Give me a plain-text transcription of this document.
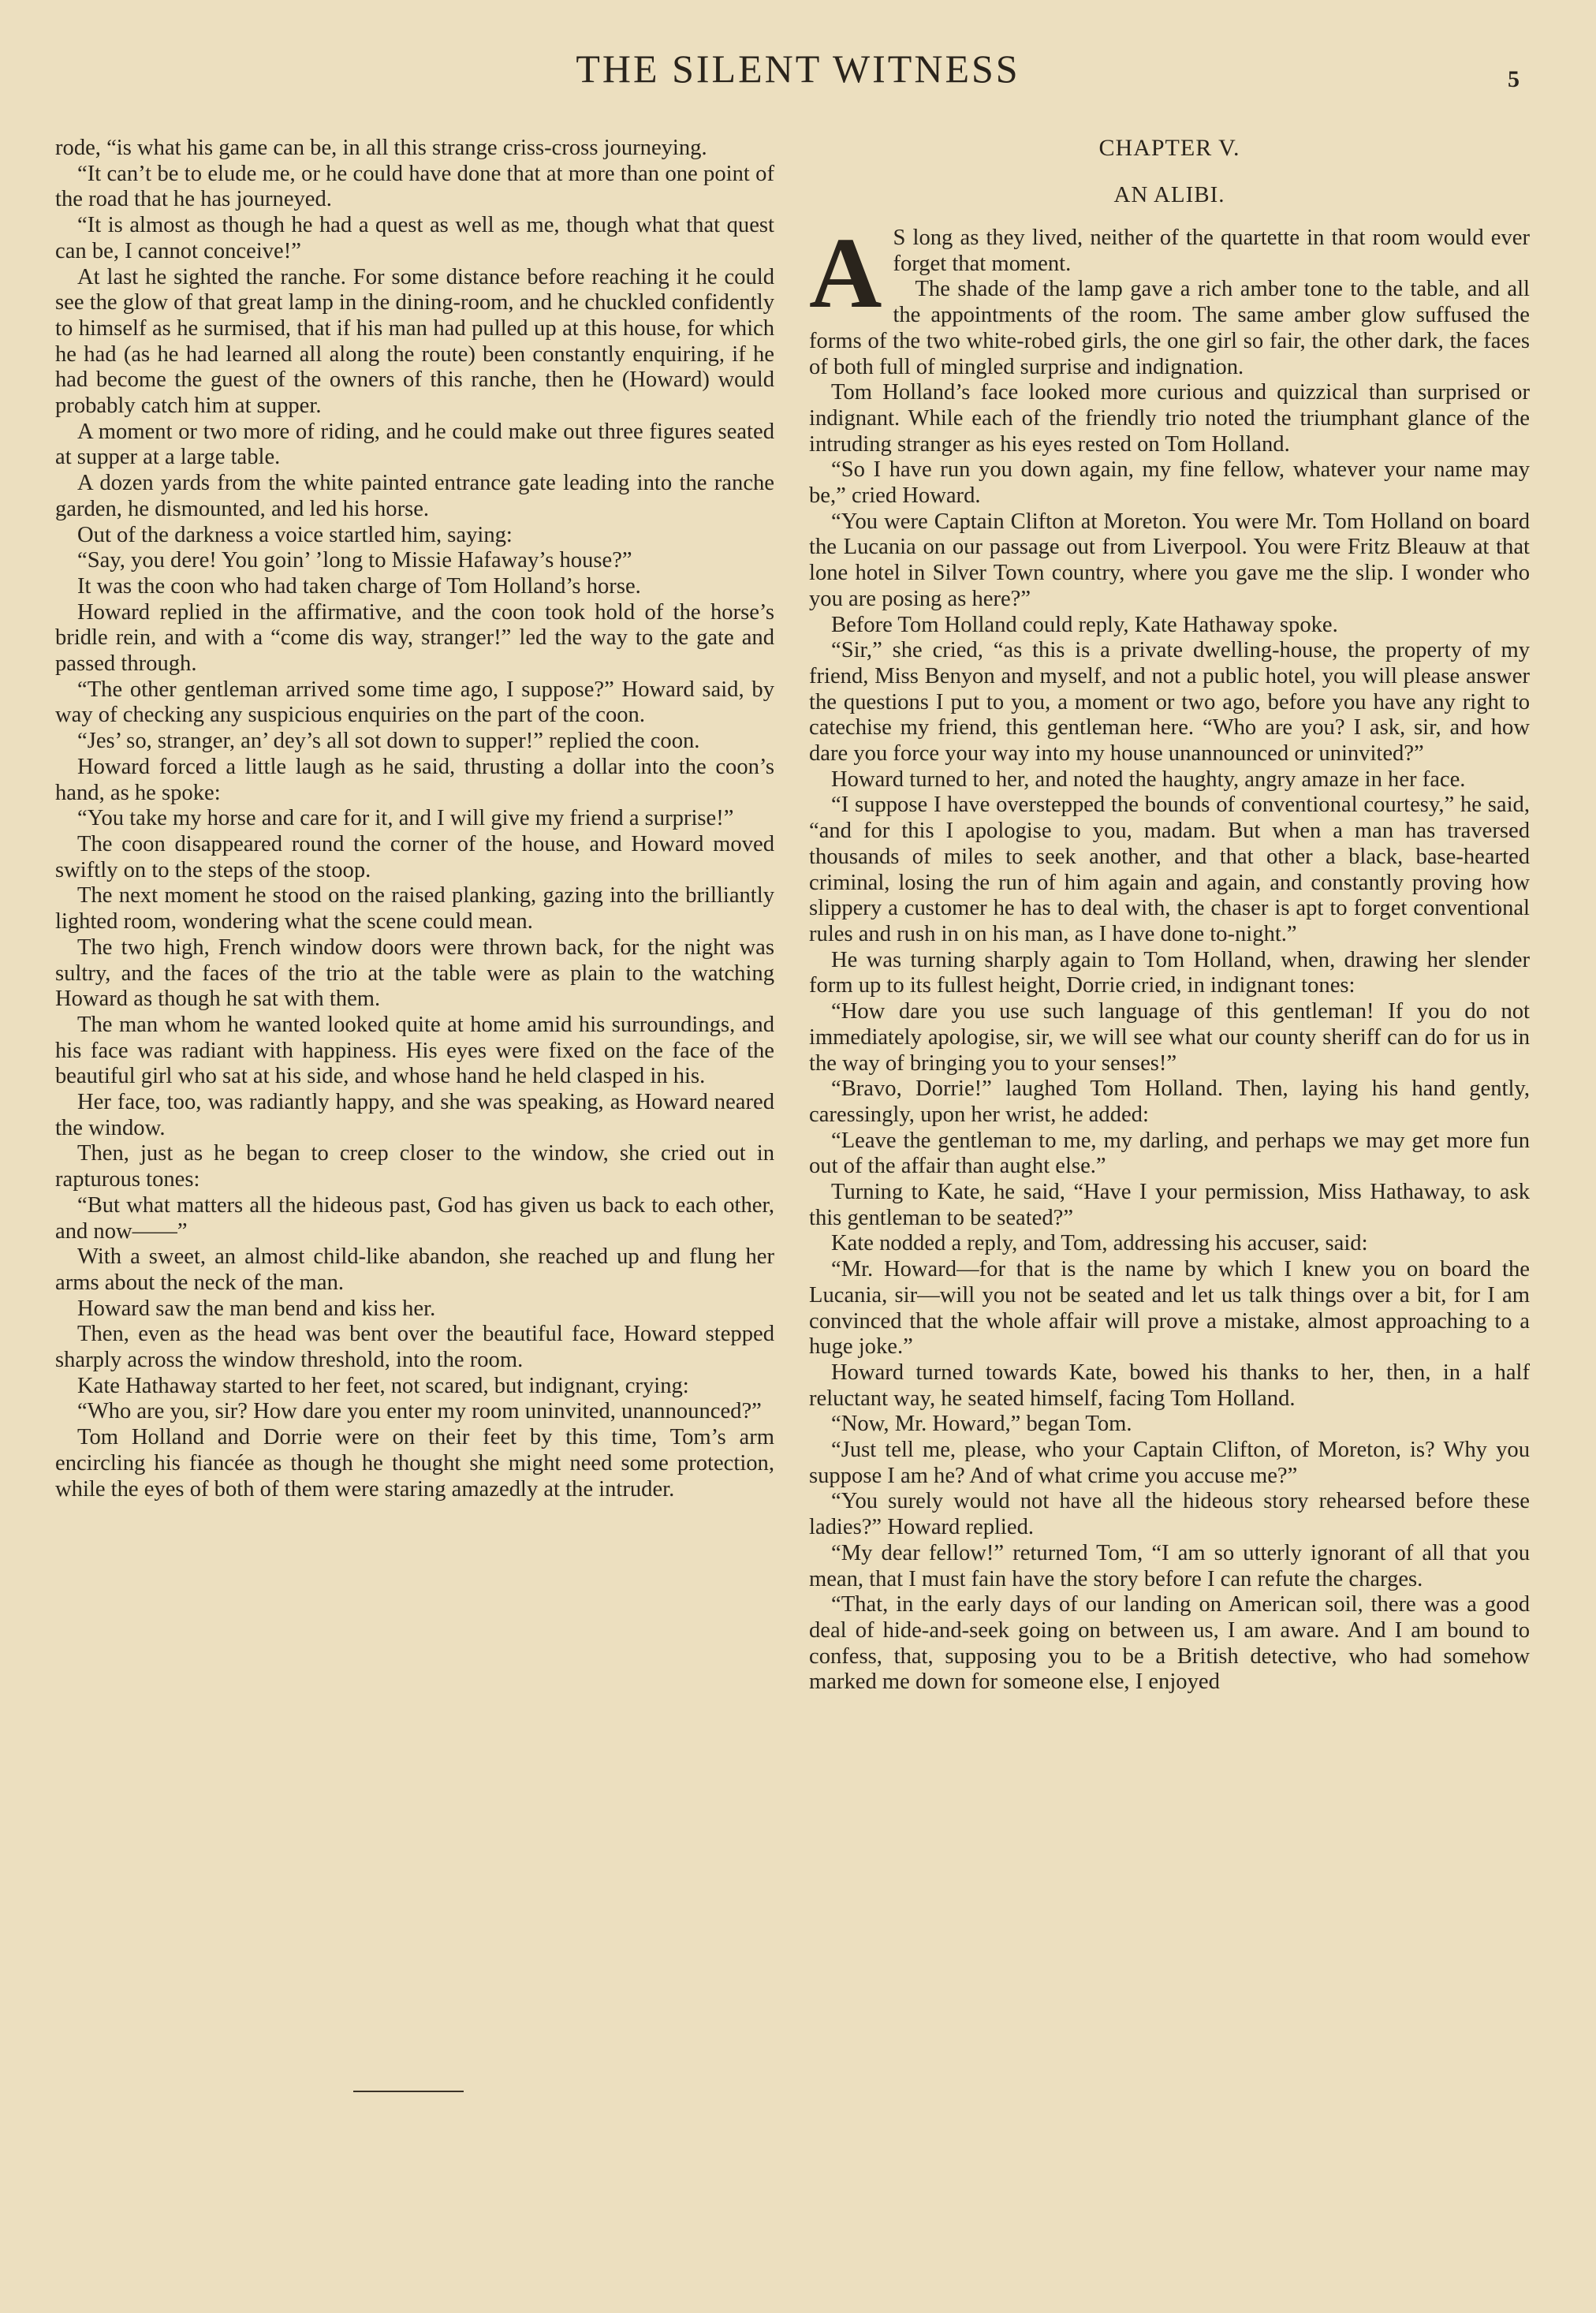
THE SILENT WITNESS	5

rode, “is what his game can be, in all this strange criss-cross journeying.

“It can’t be to elude me, or he could have done that at more than one point of the road that he has journeyed.

“It is almost as though he had a quest as well as me, though what that quest can be, I cannot conceive!”

At last he sighted the ranche. For some distance before reaching it he could see the glow of that great lamp in the dining-room, and he chuckled confidently to himself as he surmised, that if his man had pulled up at this house, for which he had (as he had learned all along the route) been constantly enquiring, if he had become the guest of the owners of this ranche, then he (Howard) would probably catch him at supper.

A moment or two more of riding, and he could make out three figures seated at supper at a large table.

A dozen yards from the white painted entrance gate leading into the ranche garden, he dismounted, and led his horse.

Out of the darkness a voice startled him, saying:

“Say, you dere! You goin’ ’long to Missie Hafaway’s house?”

It was the coon who had taken charge of Tom Holland’s horse.

Howard replied in the affirmative, and the coon took hold of the horse’s bridle rein, and with a “come dis way, stranger!” led the way to the gate and passed through.

“The other gentleman arrived some time ago, I suppose?” Howard said, by way of checking any suspicious enquiries on the part of the coon.

“Jes’ so, stranger, an’ dey’s all sot down to supper!” replied the coon.

Howard forced a little laugh as he said, thrusting a dollar into the coon’s hand, as he spoke:

“You take my horse and care for it, and I will give my friend a surprise!”

The coon disappeared round the corner of the house, and Howard moved swiftly on to the steps of the stoop.

The next moment he stood on the raised planking, gazing into the brilliantly lighted room, wondering what the scene could mean.

The two high, French window doors were thrown back, for the night was sultry, and the faces of the trio at the table were as plain to the watching Howard as though he sat with them.

The man whom he wanted looked quite at home amid his surroundings, and his face was radiant with happiness. His eyes were fixed on the face of the beautiful girl who sat at his side, and whose hand he held clasped in his.

Her face, too, was radiantly happy, and she was speaking, as Howard neared the window.

Then, just as he began to creep closer to the window, she cried out in rapturous tones:

“But what matters all the hideous past, God has given us back to each other, and now——”

With a sweet, an almost child-like abandon, she reached up and flung her arms about the neck of the man.

Howard saw the man bend and kiss her.

Then, even as the head was bent over the beautiful face, Howard stepped sharply across the window threshold, into the room.

Kate Hathaway started to her feet, not scared, but indignant, crying:

“Who are you, sir? How dare you enter my room uninvited, unannounced?”

Tom Holland and Dorrie were on their feet by this time, Tom’s arm encircling his fiancée as though he thought she might need some protection, while the eyes of both of them were staring amazedly at the intruder.

CHAPTER V.
AN ALIBI.

A S long as they lived, neither of the quartette in that room would ever forget that moment.

The shade of the lamp gave a rich amber tone to the table, and all the appointments of the room. The same amber glow suffused the forms of the two white-robed girls, the one girl so fair, the other dark, the faces of both full of mingled surprise and indignation.

Tom Holland’s face looked more curious and quizzical than surprised or indignant. While each of the friendly trio noted the triumphant glance of the intruding stranger as his eyes rested on Tom Holland.

“So I have run you down again, my fine fellow, whatever your name may be,” cried Howard.

“You were Captain Clifton at Moreton. You were Mr. Tom Holland on board the Lucania on our passage out from Liverpool. You were Fritz Bleauw at that lone hotel in Silver Town country, where you gave me the slip. I wonder who you are posing as here?”

Before Tom Holland could reply, Kate Hathaway spoke.

“Sir,” she cried, “as this is a private dwelling-house, the property of my friend, Miss Benyon and myself, and not a public hotel, you will please answer the questions I put to you, a moment or two ago, before you have any right to catechise my friend, this gentleman here. “Who are you? I ask, sir, and how dare you force your way into my house unannounced or uninvited?”

Howard turned to her, and noted the haughty, angry amaze in her face.

“I suppose I have overstepped the bounds of conventional courtesy,” he said, “and for this I apologise to you, madam. But when a man has traversed thousands of miles to seek another, and that other a black, base-hearted criminal, losing the run of him again and again, and constantly proving how slippery a customer he has to deal with, the chaser is apt to forget conventional rules and rush in on his man, as I have done to-night.”

He was turning sharply again to Tom Holland, when, drawing her slender form up to its fullest height, Dorrie cried, in indignant tones:

“How dare you use such language of this gentleman! If you do not immediately apologise, sir, we will see what our county sheriff can do for us in the way of bringing you to your senses!”

“Bravo, Dorrie!” laughed Tom Holland. Then, laying his hand gently, caressingly, upon her wrist, he added:

“Leave the gentleman to me, my darling, and perhaps we may get more fun out of the affair than aught else.”

Turning to Kate, he said, “Have I your permission, Miss Hathaway, to ask this gentleman to be seated?”

Kate nodded a reply, and Tom, addressing his accuser, said:

“Mr. Howard—for that is the name by which I knew you on board the Lucania, sir—will you not be seated and let us talk things over a bit, for I am convinced that the whole affair will prove a mistake, almost approaching to a huge joke.”

Howard turned towards Kate, bowed his thanks to her, then, in a half reluctant way, he seated himself, facing Tom Holland.

“Now, Mr. Howard,” began Tom.

“Just tell me, please, who your Captain Clifton, of Moreton, is? Why you suppose I am he? And of what crime you accuse me?”

“You surely would not have all the hideous story rehearsed before these ladies?” Howard replied.

“My dear fellow!” returned Tom, “I am so utterly ignorant of all that you mean, that I must fain have the story before I can refute the charges.

“That, in the early days of our landing on American soil, there was a good deal of hide-and-seek going on between us, I am aware. And I am bound to confess, that, supposing you to be a British detective, who had somehow marked me down for someone else, I enjoyed
